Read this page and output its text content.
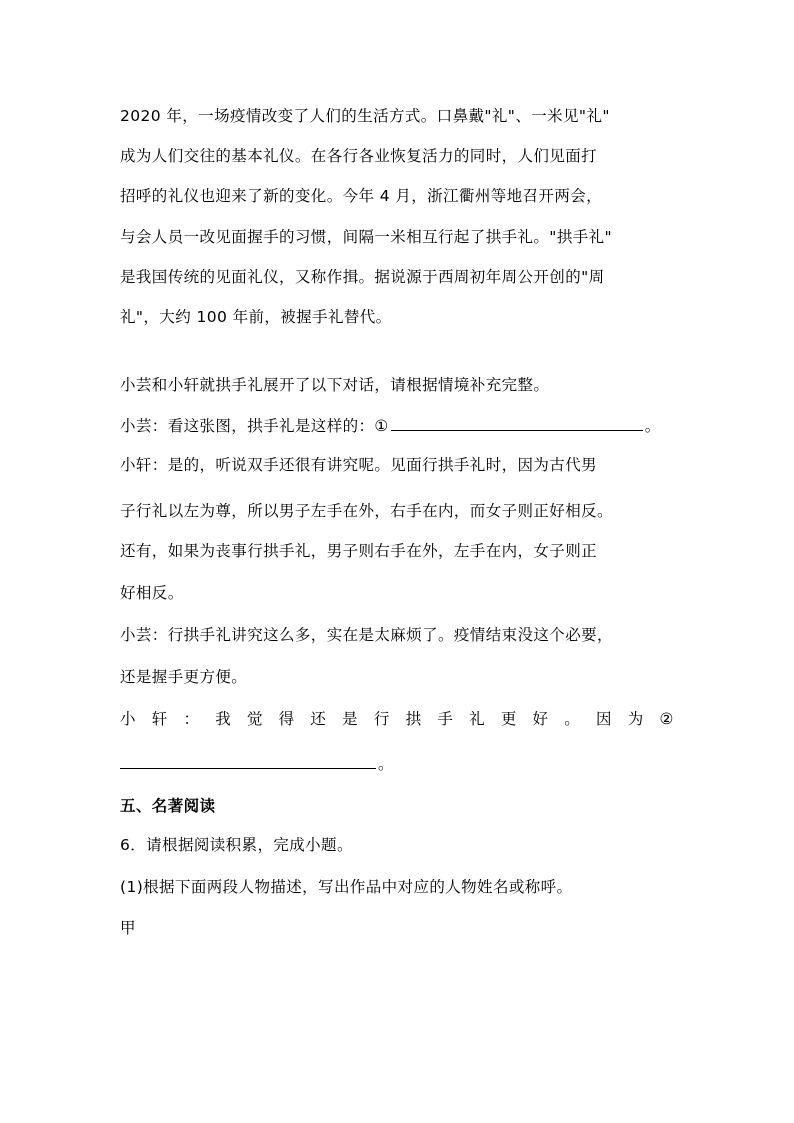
2020 年，一场疫情改变了人们的生活方式。口鼻戴"礼"、一米见"礼"
成为人们交往的基本礼仪。在各行各业恢复活力的同时，人们见面打
招呼的礼仪也迎来了新的变化。今年 4 月，浙江衢州等地召开两会，
与会人员一改见面握手的习惯，间隔一米相互行起了拱手礼。"拱手礼"
是我国传统的见面礼仪，又称作揖。据说源于西周初年周公开创的"周
礼"，大约 100 年前，被握手礼替代。
小芸和小轩就拱手礼展开了以下对话，请根据情境补充完整。
小芸：看这张图，拱手礼是这样的：①	。
小轩：是的，听说双手还很有讲究呢。见面行拱手礼时，因为古代男
子行礼以左为尊，所以男子左手在外，右手在内，而女子则正好相反。
还有，如果为丧事行拱手礼，男子则右手在外，左手在内，女子则正
好相反。
小芸：行拱手礼讲究这么多，实在是太麻烦了。疫情结束没这个必要，
还是握手更方便。
小 轩 ： 我 觉 得 还 是 行 拱 手 礼 更 好 。 因 为 ②
。
五、名著阅读
6．请根据阅读积累，完成小题。
(1)根据下面两段人物描述，写出作品中对应的人物姓名或称呼。
甲
